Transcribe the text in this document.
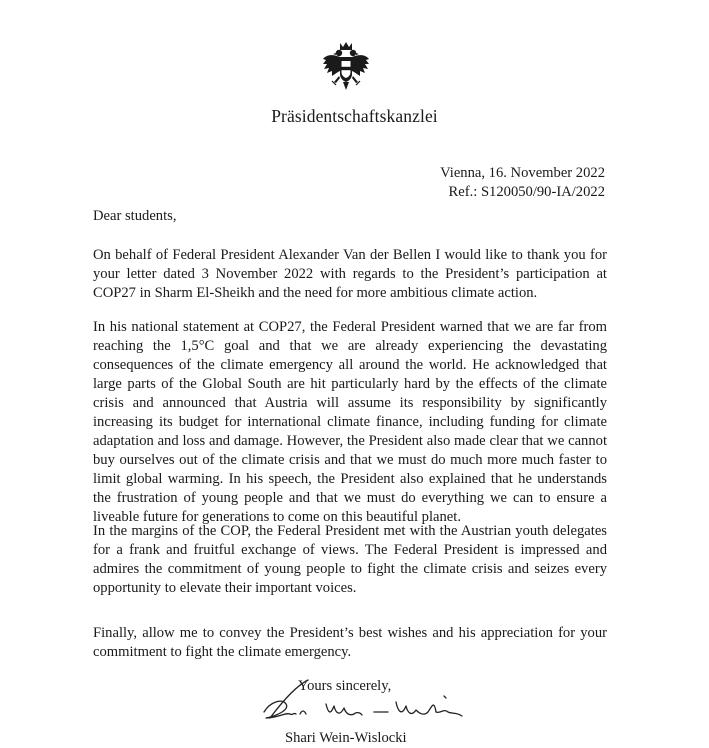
Präsidentschaftskanzlei
Vienna, 16. November 2022
Ref.: S120050/90-IA/2022
Dear students,

On behalf of Federal President Alexander Van der Bellen I would like to thank you for your letter dated 3 November 2022 with regards to the President’s participation at COP27 in Sharm El-Sheikh and the need for more ambitious climate action.

In his national statement at COP27, the Federal President warned that we are far from reaching the 1,5°C goal and that we are already experiencing the devastating consequences of the climate emergency all around the world. He acknowledged that large parts of the Global South are hit particularly hard by the effects of the climate crisis and announced that Austria will assume its responsibility by significantly increasing its budget for international climate finance, including funding for climate adaptation and loss and damage. However, the President also made clear that we cannot buy ourselves out of the climate crisis and that we must do much more much faster to limit global warming. In his speech, the President also explained that he understands the frustration of young people and that we must do everything we can to ensure a liveable future for generations to come on this beautiful planet.

In the margins of the COP, the Federal President met with the Austrian youth delegates for a frank and fruitful exchange of views. The Federal President is impressed and admires the commitment of young people to fight the climate crisis and seizes every opportunity to elevate their important voices.

Finally, allow me to convey the President’s best wishes and his appreciation for your commitment to fight the climate emergency.

Yours sincerely,
Shari Wein-Wislocki
